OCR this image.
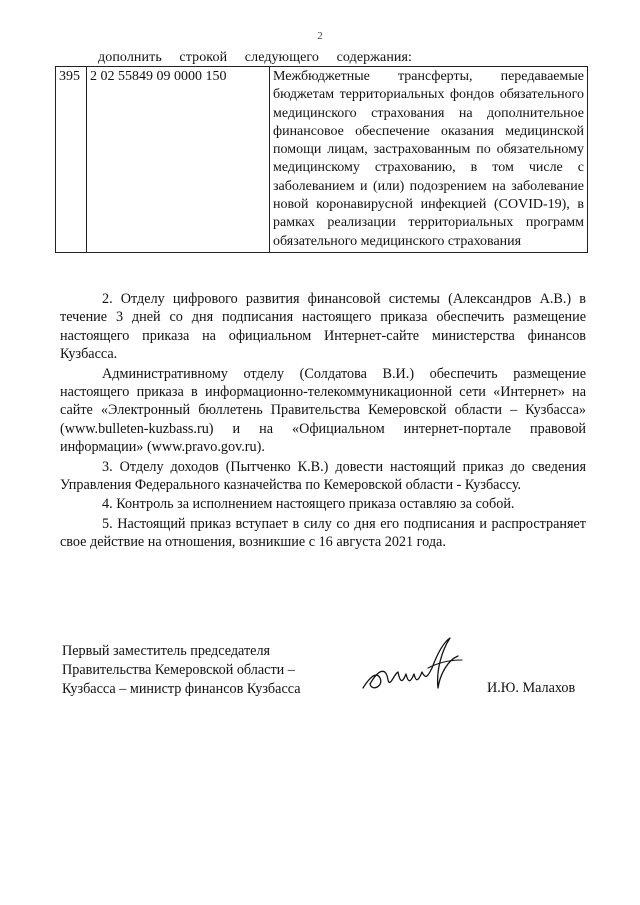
2
дополнить строкой следующего содержания:
395	2 02 55849 09 0000 150	Межбюджетные трансферты, передаваемые бюджетам территориальных фондов обязательного медицинского страхования на дополнительное финансовое обеспечение оказания медицинской помощи лицам, застрахованным по обязательному медицинскому страхованию, в том числе с заболеванием и (или) подозрением на заболевание новой коронавирусной инфекцией (COVID-19), в рамках реализации территориальных программ обязательного медицинского страхования

2. Отделу цифрового развития финансовой системы (Александров А.В.) в течение 3 дней со дня подписания настоящего приказа обеспечить размещение настоящего приказа на официальном Интернет-сайте министерства финансов Кузбасса.

Административному отделу (Солдатова В.И.) обеспечить размещение настоящего приказа в информационно-телекоммуникационной сети «Интернет» на сайте «Электронный бюллетень Правительства Кемеровской области – Кузбасса» (www.bulleten-kuzbass.ru) и на «Официальном интернет-портале правовой информации» (www.pravo.gov.ru).

3. Отделу доходов (Пытченко К.В.) довести настоящий приказ до сведения Управления Федерального казначейства по Кемеровской области - Кузбассу.

4. Контроль за исполнением настоящего приказа оставляю за собой.

5. Настоящий приказ вступает в силу со дня его подписания и распространяет свое действие на отношения, возникшие с 16 августа 2021 года.

Первый заместитель председателя
Правительства Кемеровской области –
Кузбасса – министр финансов Кузбасса	И.Ю. Малахов
